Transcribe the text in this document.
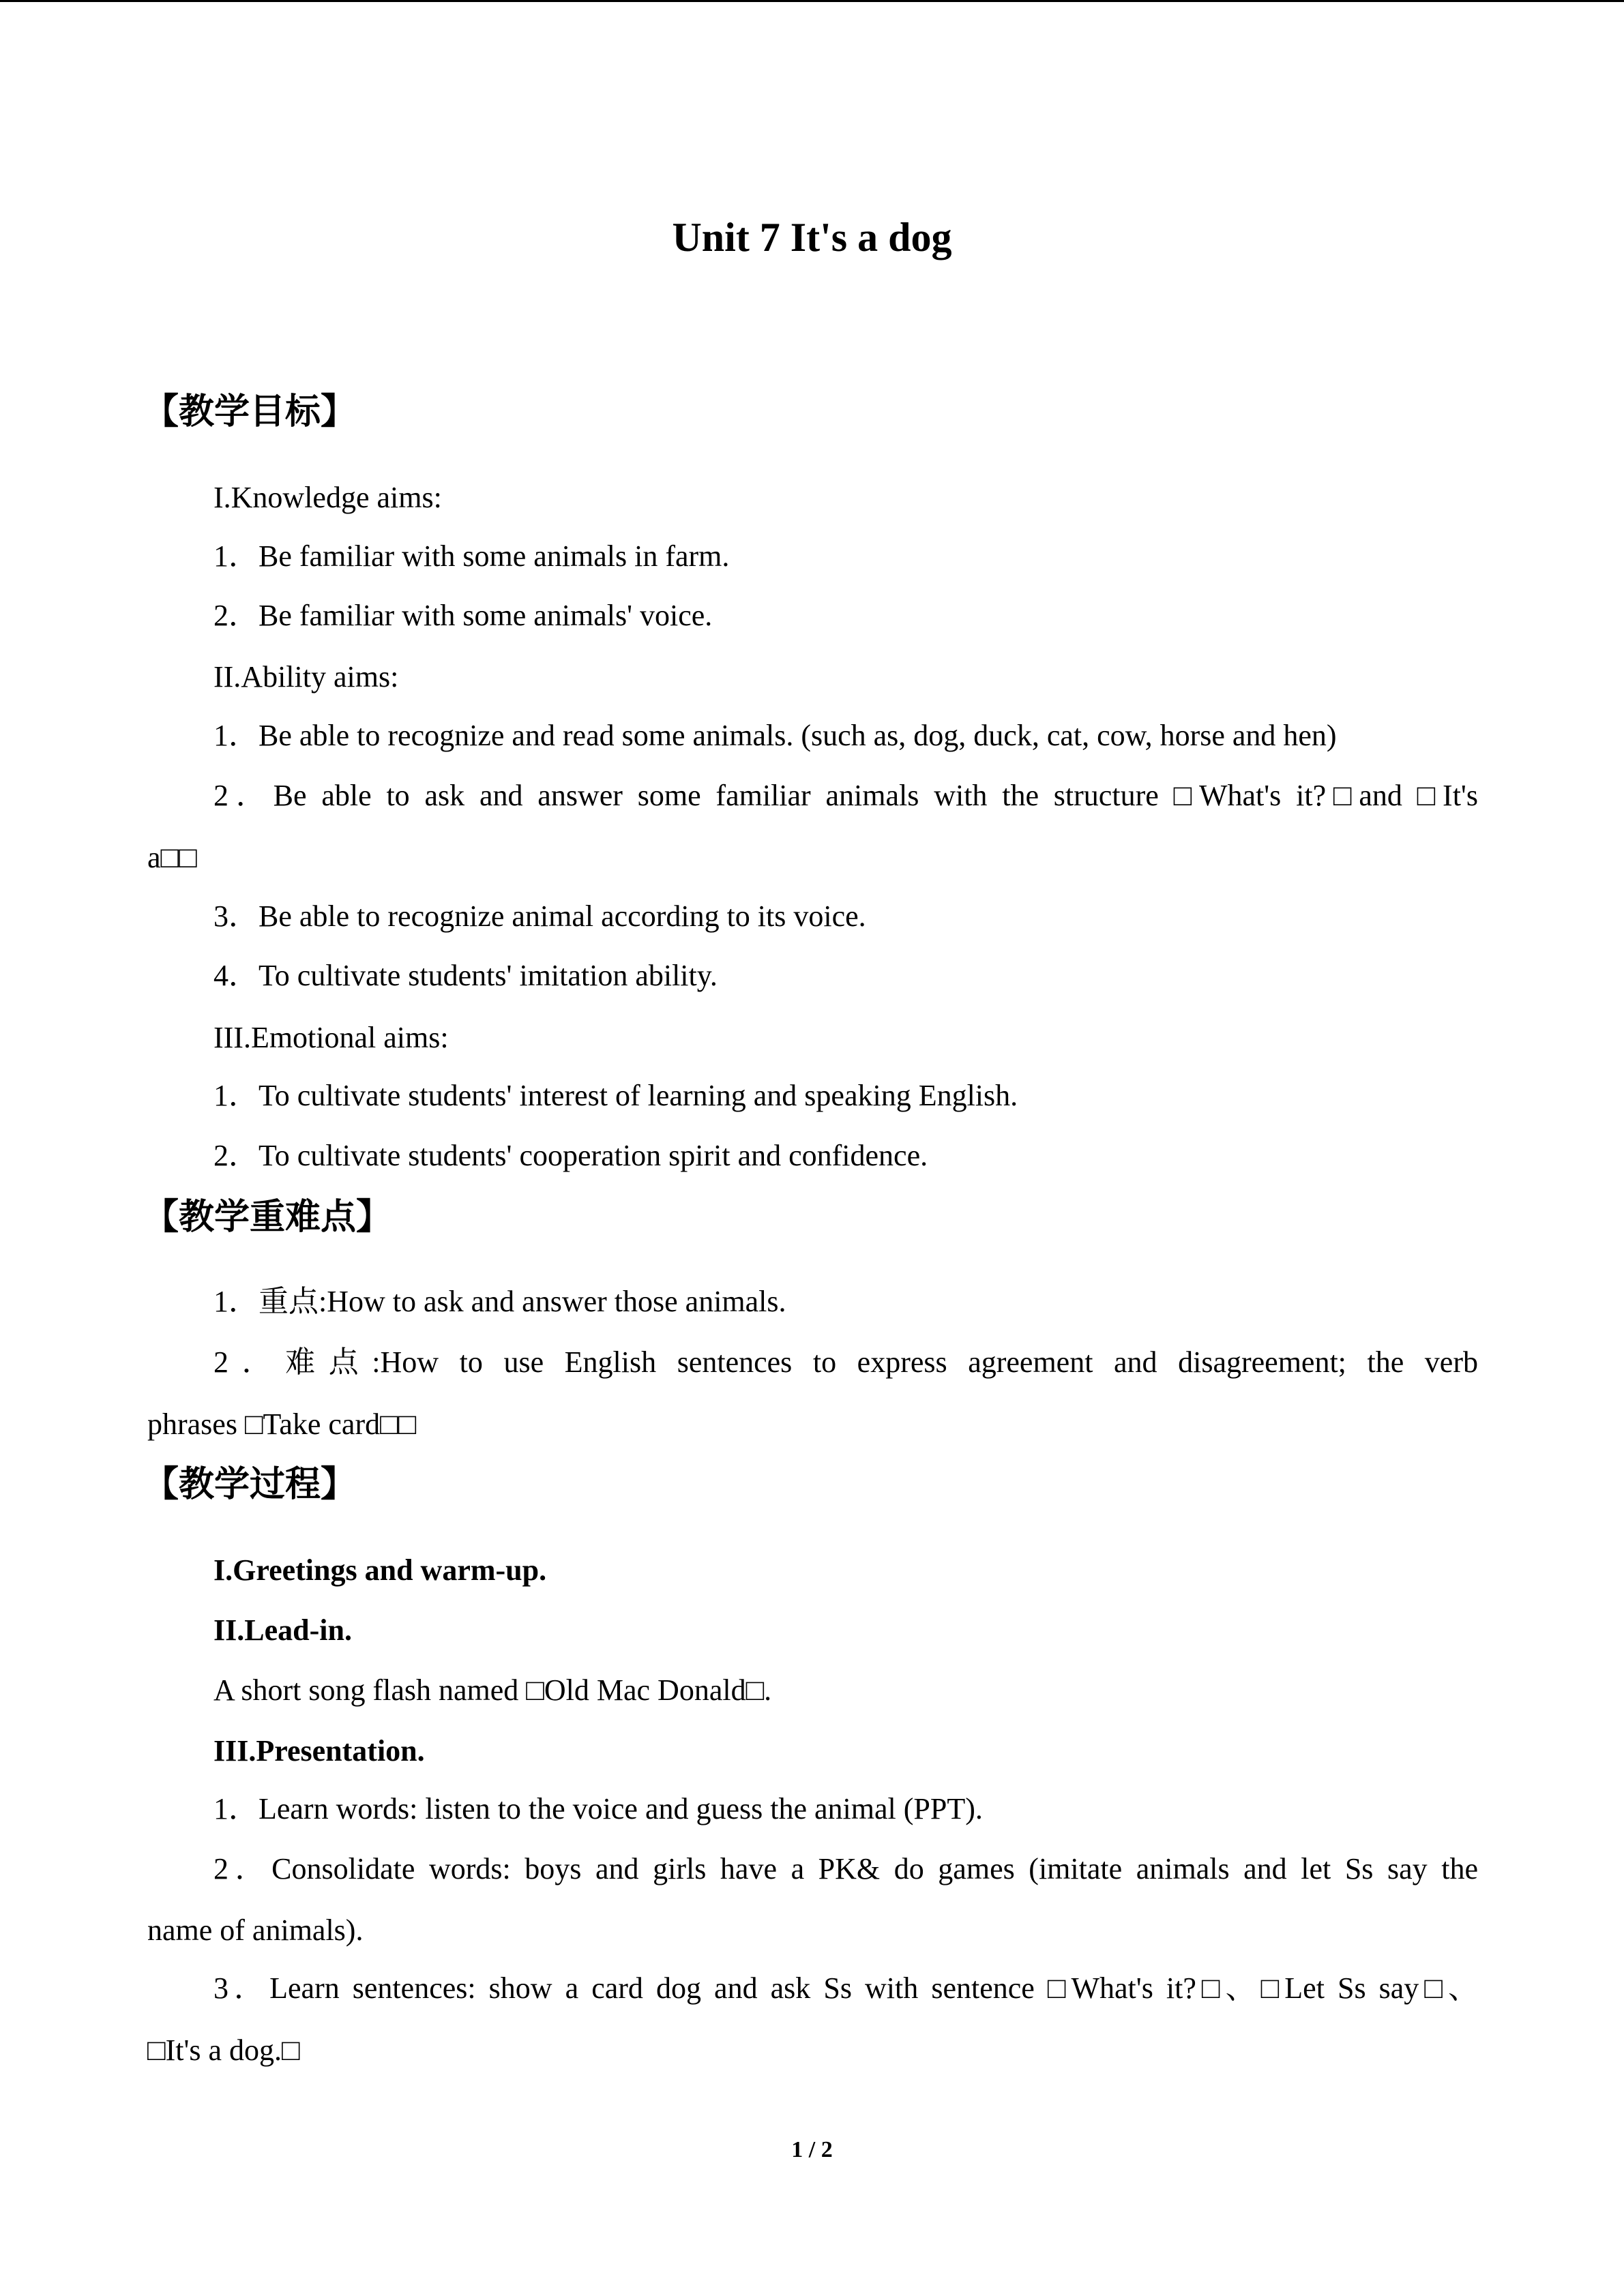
Unit 7 It's a dog
【教学目标】
I.Knowledge aims:
1．Be familiar with some animals in farm.
2．Be familiar with some animals' voice.
II.Ability aims:
1．Be able to recognize and read some animals. (such as, dog, duck, cat, cow, horse and hen)
2．Be able to ask and answer some familiar animals with the structure □What's it?□and □It's
a□□
3．Be able to recognize animal according to its voice.
4．To cultivate students' imitation ability.
III.Emotional aims:
1．To cultivate students' interest of learning and speaking English.
2．To cultivate students' cooperation spirit and confidence.
【教学重难点】
1．重点:How to ask and answer those animals.
2．难点:How to use English sentences to express agreement and disagreement; the verb
phrases □Take card□□
【教学过程】
I.Greetings and warm-up.
II.Lead-in.
A short song flash named □Old Mac Donald□.
III.Presentation.
1．Learn words: listen to the voice and guess the animal (PPT).
2．Consolidate words: boys and girls have a PK& do games (imitate animals and let Ss say the
name of animals).
3．Learn sentences: show a card dog and ask Ss with sentence □What's it?□、□Let Ss say□、
□It's a dog.□
1 / 2
